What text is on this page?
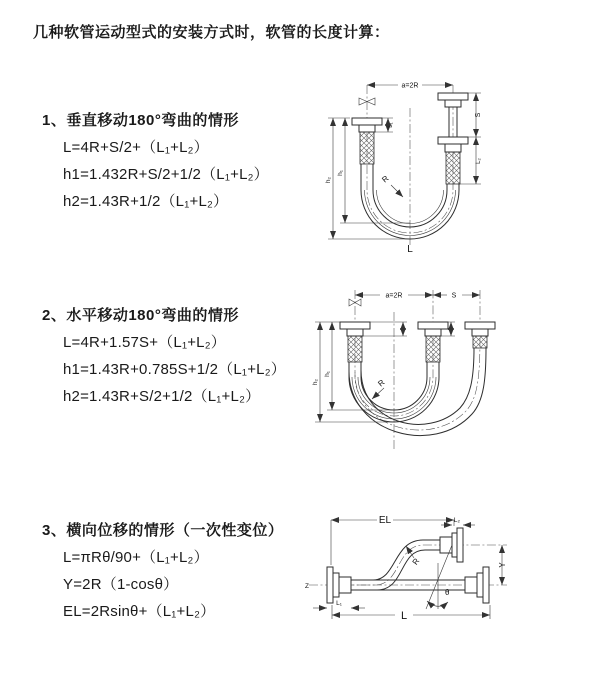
几种软管运动型式的安装方式时，软管的长度计算：
1、垂直移动180°弯曲的情形
L=4R+S/2+（L₁+L₂）
h1=1.432R+S/2+1/2（L₁+L₂）
h2=1.43R+1/2（L₁+L₂）
2、水平移动180°弯曲的情形
L=4R+1.57S+（L₁+L₂）
h1=1.43R+0.785S+1/2（L₁+L₂）
h2=1.43R+S/2+1/2（L₁+L₂）
3、横向位移的情形（一次性变位）
L=πRθ/90+（L₁+L₂）
Y=2R（1-cosθ）
EL=2Rsinθ+（L₁+L₂）
a=2R
h₂
h₁
L₁
S
L₂
R
L
a=2R	S
h₂
h₁
R
Z
EL	L₂
Y
L
L₁
R
θ
